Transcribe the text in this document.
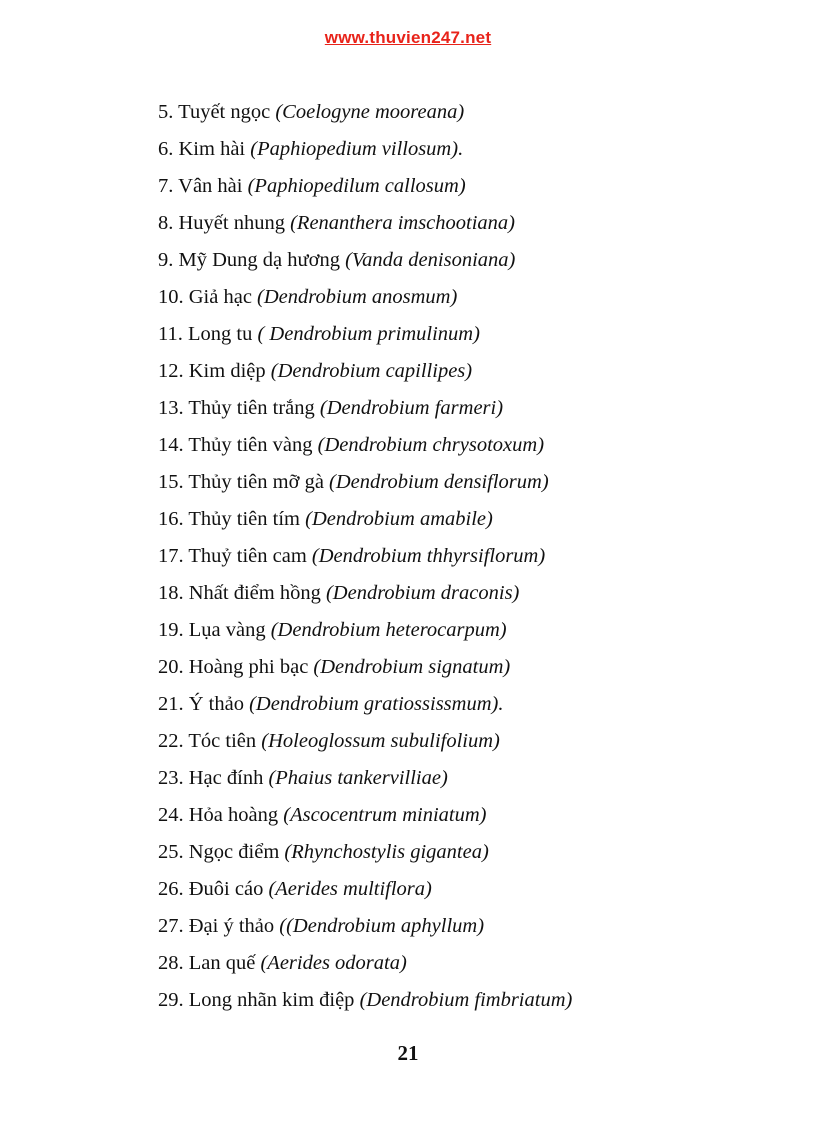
www.thuvien247.net
5. Tuyết ngọc (Coelogyne mooreana)
6. Kim hài (Paphiopedium villosum).
7. Vân hài (Paphiopedilum callosum)
8. Huyết nhung (Renanthera imschootiana)
9. Mỹ Dung dạ hương (Vanda denisoniana)
10. Giả hạc (Dendrobium anosmum)
11. Long tu ( Dendrobium primulinum)
12. Kim diệp (Dendrobium capillipes)
13. Thủy tiên trắng (Dendrobium farmeri)
14. Thủy tiên vàng (Dendrobium chrysotoxum)
15. Thủy tiên mỡ gà (Dendrobium densiflorum)
16. Thủy tiên tím (Dendrobium amabile)
17. Thuỷ tiên cam (Dendrobium thhyrsiflorum)
18. Nhất điểm hồng (Dendrobium draconis)
19. Lụa vàng (Dendrobium heterocarpum)
20. Hoàng phi bạc (Dendrobium signatum)
21. Ý thảo (Dendrobium gratiossissmum).
22. Tóc tiên (Holeoglossum subulifolium)
23. Hạc đính (Phaius tankervilliae)
24. Hỏa hoàng (Ascocentrum miniatum)
25. Ngọc điểm (Rhynchostylis gigantea)
26. Đuôi cáo (Aerides multiflora)
27. Đại ý thảo ((Dendrobium aphyllum)
28. Lan quế (Aerides odorata)
29. Long nhãn kim điệp (Dendrobium fimbriatum)
21
